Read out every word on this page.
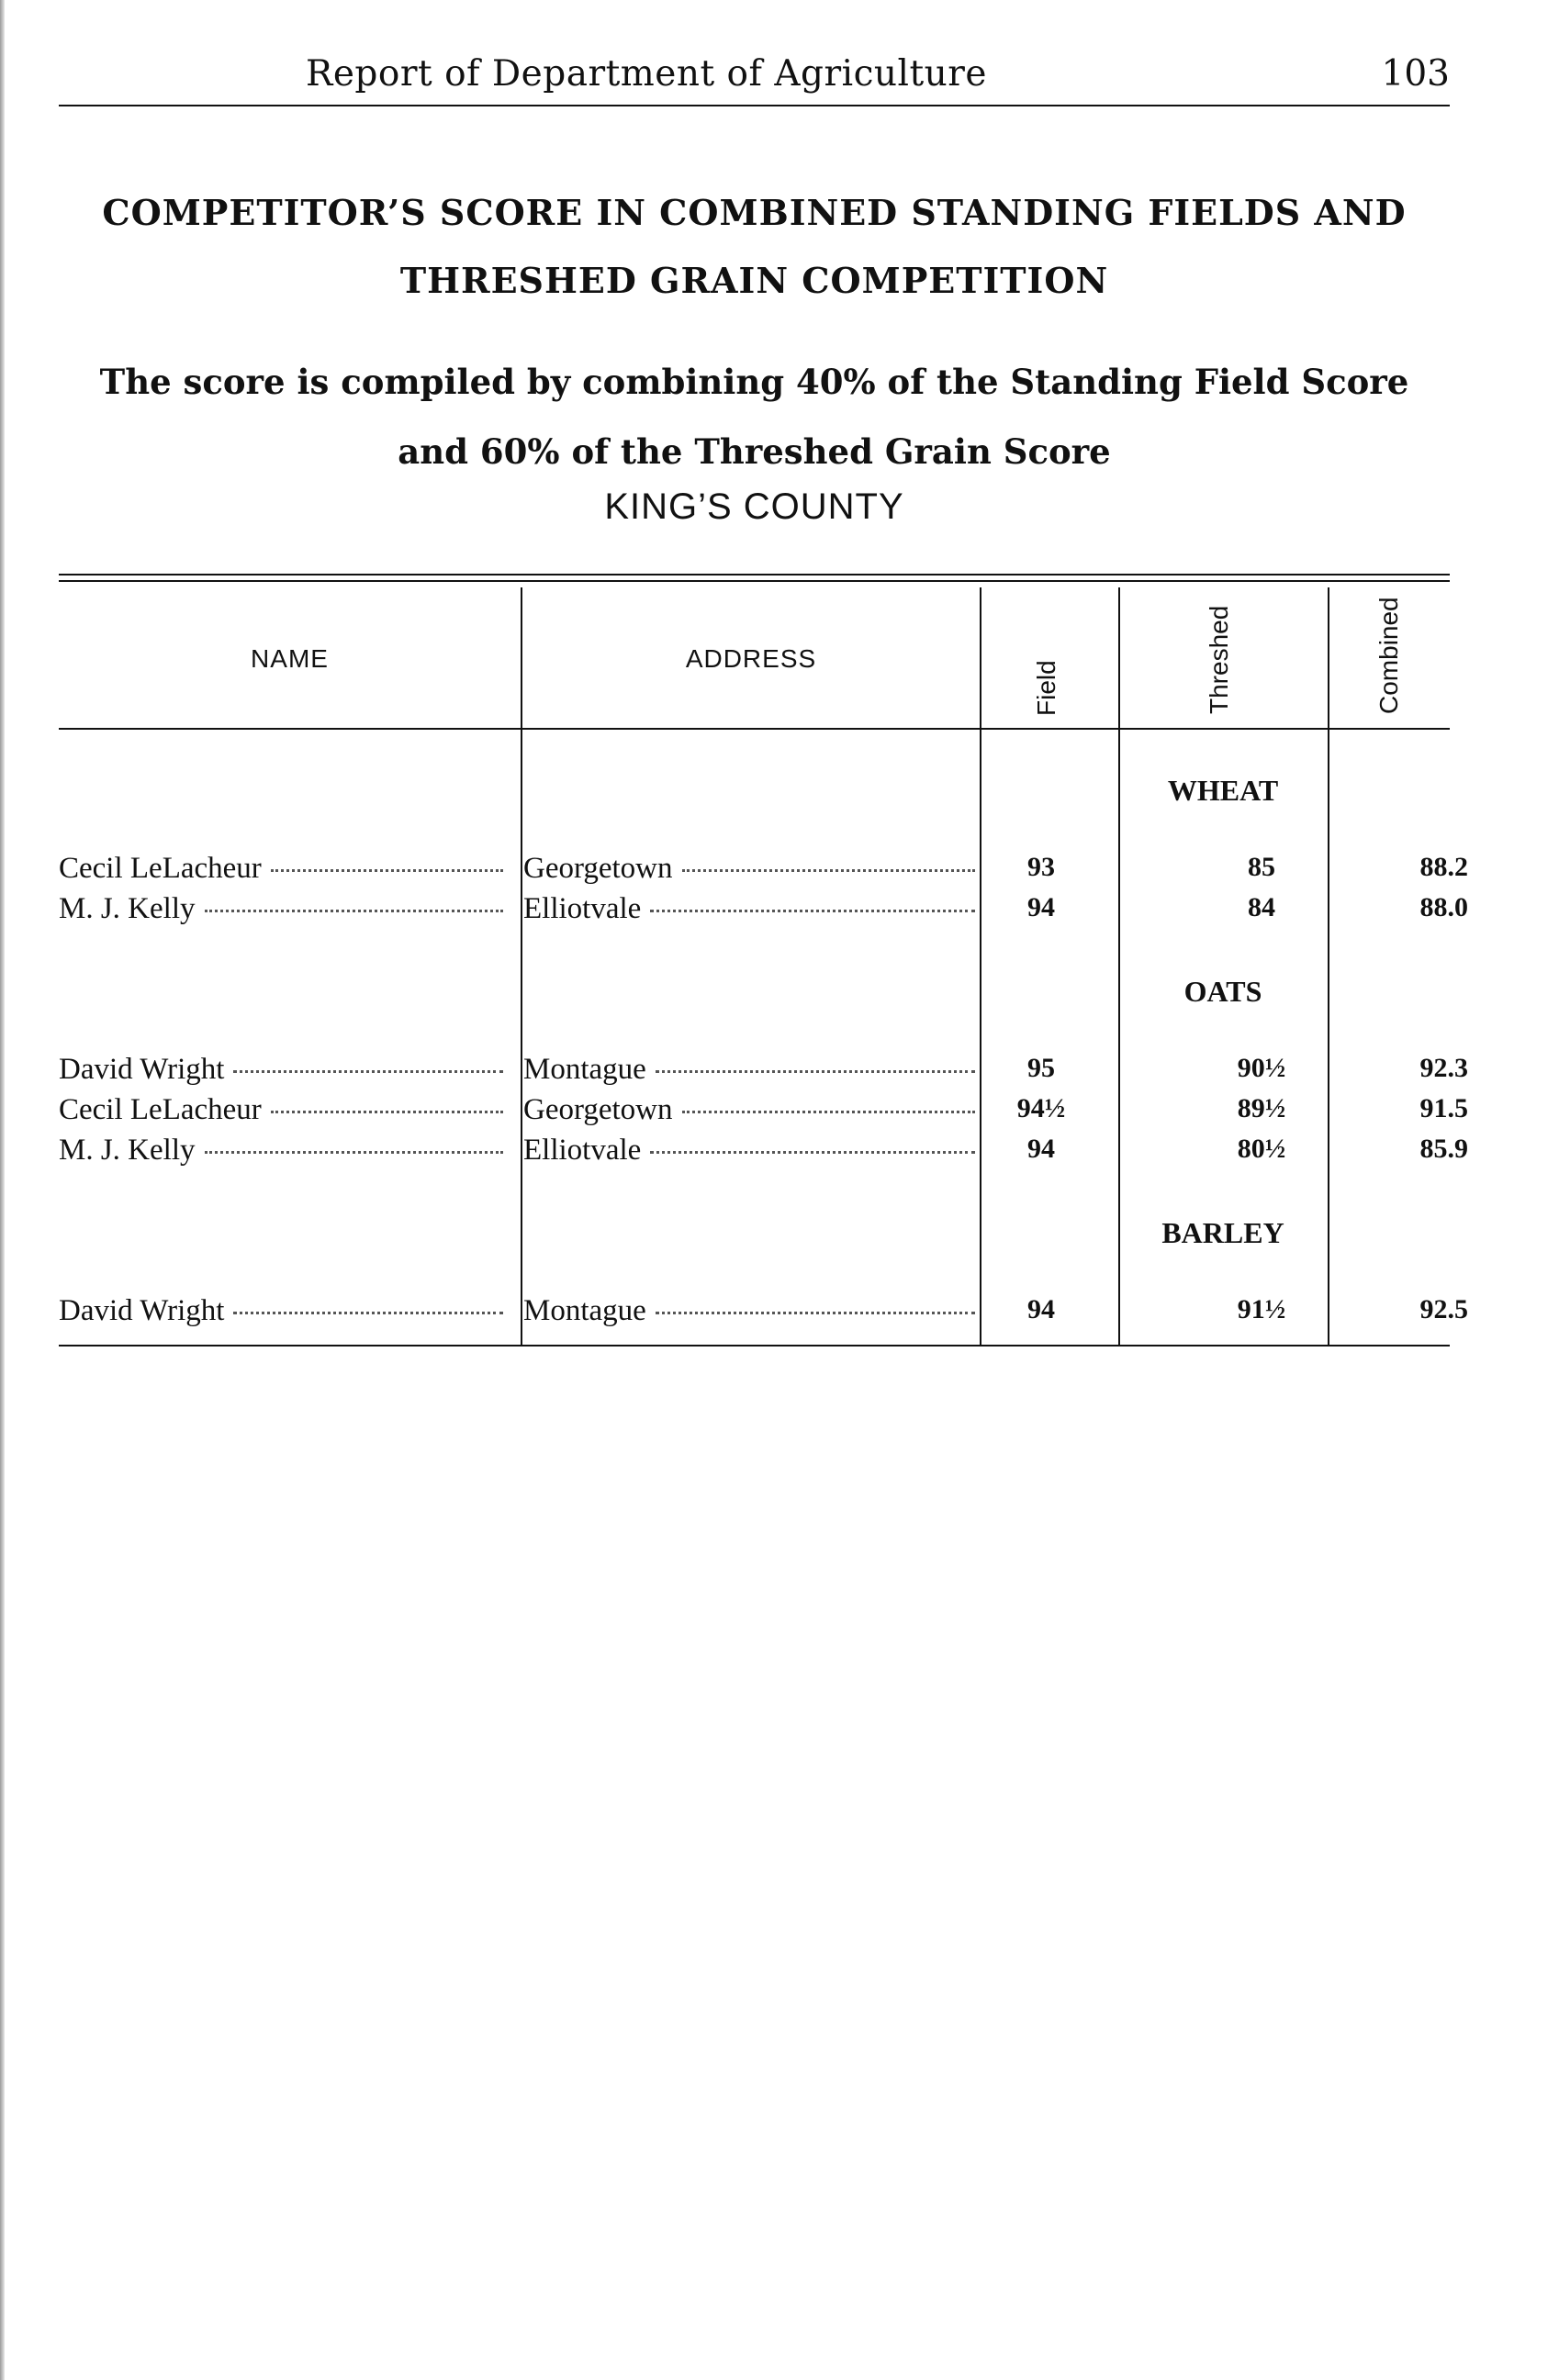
Report of Department of Agriculture	103
COMPETITOR’S SCORE IN COMBINED STANDING FIELDS AND
THRESHED GRAIN COMPETITION
The score is compiled by combining 40% of the Standing Field Score
and 60% of the Threshed Grain Score
KING’S COUNTY
NAME	ADDRESS
Field	Threshed	Combined
WHEAT
Cecil LeLacheur	Georgetown	93	85	88.2
M. J. Kelly	Elliotvale	94	84	88.0
OATS
David Wright	Montague	95	90½	92.3
Cecil LeLacheur	Georgetown	94½	89½	91.5
M. J. Kelly	Elliotvale	94	80½	85.9
BARLEY
David Wright	Montague	94	91½	92.5
